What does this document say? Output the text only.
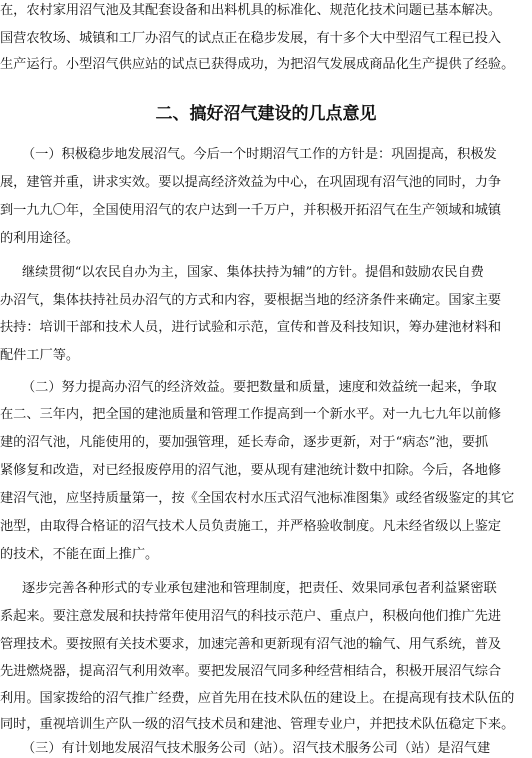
在，农村家用沼气池及其配套设备和出料机具的标准化、规范化技术问题已基本解决。
国营农牧场、城镇和工厂办沼气的试点正在稳步发展，有十多个大中型沼气工程已投入
生产运行。小型沼气供应站的试点已获得成功，为把沼气发展成商品化生产提供了经验。
二、搞好沼气建设的几点意见
（一）积极稳步地发展沼气。今后一个时期沼气工作的方针是：巩固提高，积极发
展，建管并重，讲求实效。要以提高经济效益为中心，在巩固现有沼气池的同时，力争
到一九九〇年，全国使用沼气的农户达到一千万户，并积极开拓沼气在生产领域和城镇
的利用途径。
继续贯彻“以农民自办为主，国家、集体扶持为辅”的方针。提倡和鼓励农民自费
办沼气，集体扶持社员办沼气的方式和内容，要根据当地的经济条件来确定。国家主要
扶持：培训干部和技术人员，进行试验和示范，宣传和普及科技知识，筹办建池材料和
配件工厂等。
（二）努力提高办沼气的经济效益。要把数量和质量，速度和效益统一起来，争取
在二、三年内，把全国的建池质量和管理工作提高到一个新水平。对一九七九年以前修
建的沼气池，凡能使用的，要加强管理，延长寿命，逐步更新，对于“病态”池，要抓
紧修复和改造，对已经报废停用的沼气池，要从现有建池统计数中扣除。今后，各地修
建沼气池，应坚持质量第一，按《全国农村水压式沼气池标准图集》或经省级鉴定的其它
池型，由取得合格证的沼气技术人员负责施工，并严格验收制度。凡未经省级以上鉴定
的技术，不能在面上推广。
逐步完善各种形式的专业承包建池和管理制度，把责任、效果同承包者利益紧密联
系起来。要注意发展和扶持常年使用沼气的科技示范户、重点户，积极向他们推广先进
管理技术。要按照有关技术要求，加速完善和更新现有沼气池的输气、用气系统，普及
先进燃烧器，提高沼气利用效率。要把发展沼气同多种经营相结合，积极开展沼气综合
利用。国家拨给的沼气推广经费，应首先用在技术队伍的建设上。在提高现有技术队伍的
同时，重视培训生产队一级的沼气技术员和建池、管理专业户，并把技术队伍稳定下来。
（三）有计划地发展沼气技术服务公司（站）。沼气技术服务公司（站）是沼气建
